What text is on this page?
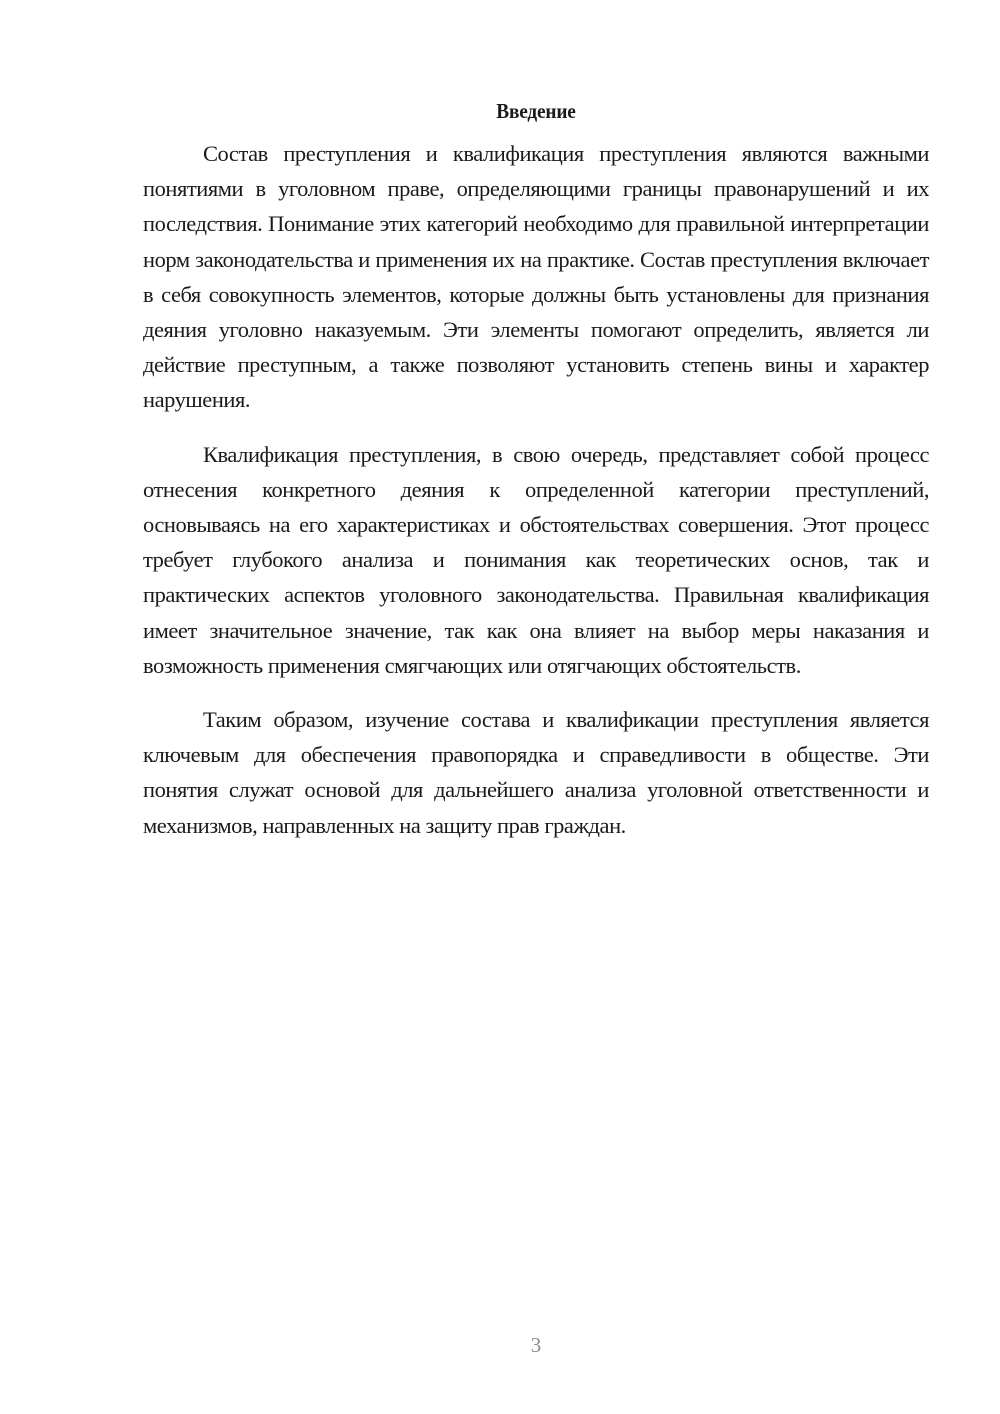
Введение

Состав преступления и квалификация преступления являются важными понятиями в уголовном праве, определяющими границы правонарушений и их последствия. Понимание этих категорий необходимо для правильной интерпретации норм законодательства и применения их на практике. Состав преступления включает в себя совокупность элементов, которые должны быть установлены для признания деяния уголовно наказуемым. Эти элементы помогают определить, является ли действие преступным, а также позволяют установить степень вины и характер нарушения.

Квалификация преступления, в свою очередь, представляет собой процесс отнесения конкретного деяния к определенной категории преступлений, основываясь на его характеристиках и обстоятельствах совершения. Этот процесс требует глубокого анализа и понимания как теоретических основ, так и практических аспектов уголовного законодательства. Правильная квалификация имеет значительное значение, так как она влияет на выбор меры наказания и возможность применения смягчающих или отягчающих обстоятельств.

Таким образом, изучение состава и квалификации преступления является ключевым для обеспечения правопорядка и справедливости в обществе. Эти понятия служат основой для дальнейшего анализа уголовной ответственности и механизмов, направленных на защиту прав граждан.

3
